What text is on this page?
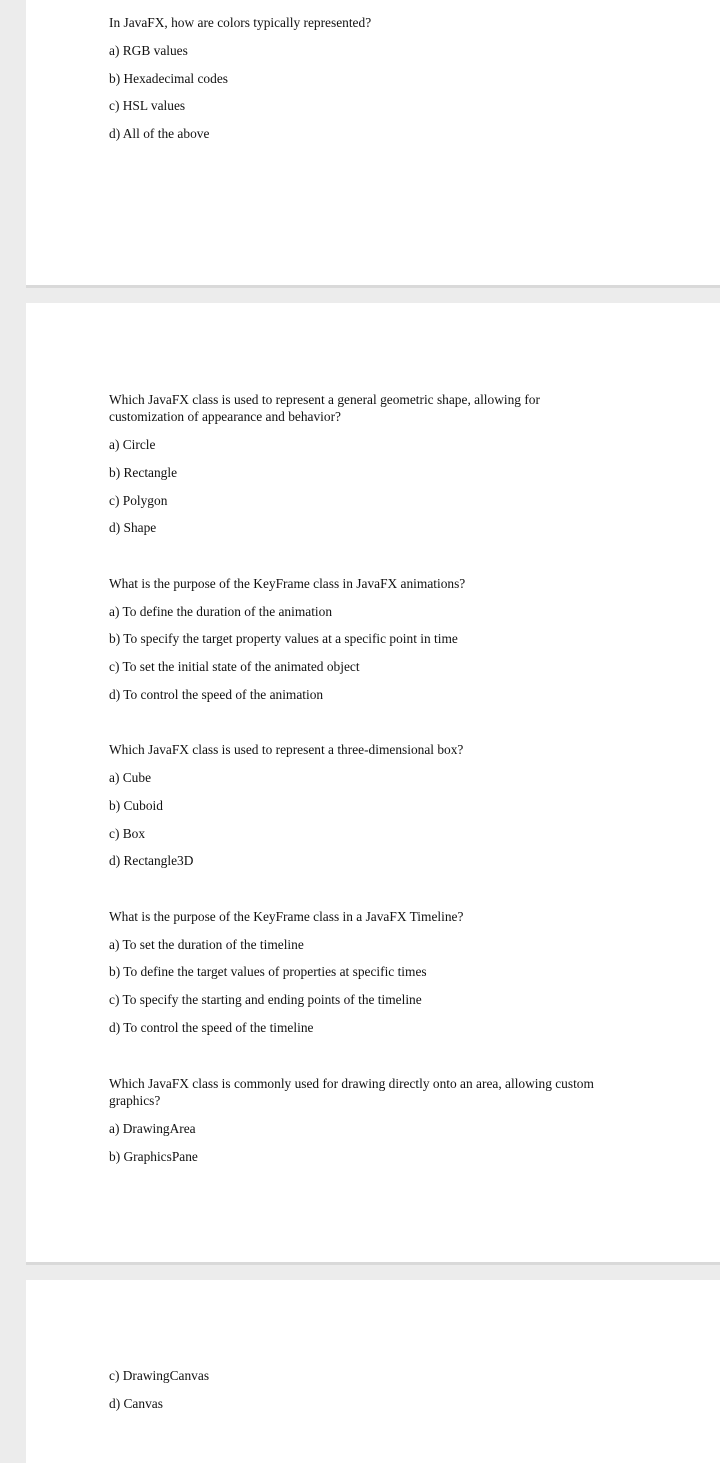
In JavaFX, how are colors typically represented?
a) RGB values
b) Hexadecimal codes
c) HSL values
d) All of the above
Which JavaFX class is used to represent a general geometric shape, allowing for customization of appearance and behavior?
a) Circle
b) Rectangle
c) Polygon
d) Shape
What is the purpose of the KeyFrame class in JavaFX animations?
a) To define the duration of the animation
b) To specify the target property values at a specific point in time
c) To set the initial state of the animated object
d) To control the speed of the animation
Which JavaFX class is used to represent a three-dimensional box?
a) Cube
b) Cuboid
c) Box
d) Rectangle3D
What is the purpose of the KeyFrame class in a JavaFX Timeline?
a) To set the duration of the timeline
b) To define the target values of properties at specific times
c) To specify the starting and ending points of the timeline
d) To control the speed of the timeline
Which JavaFX class is commonly used for drawing directly onto an area, allowing custom graphics?
a) DrawingArea
b) GraphicsPane
c) DrawingCanvas
d) Canvas
